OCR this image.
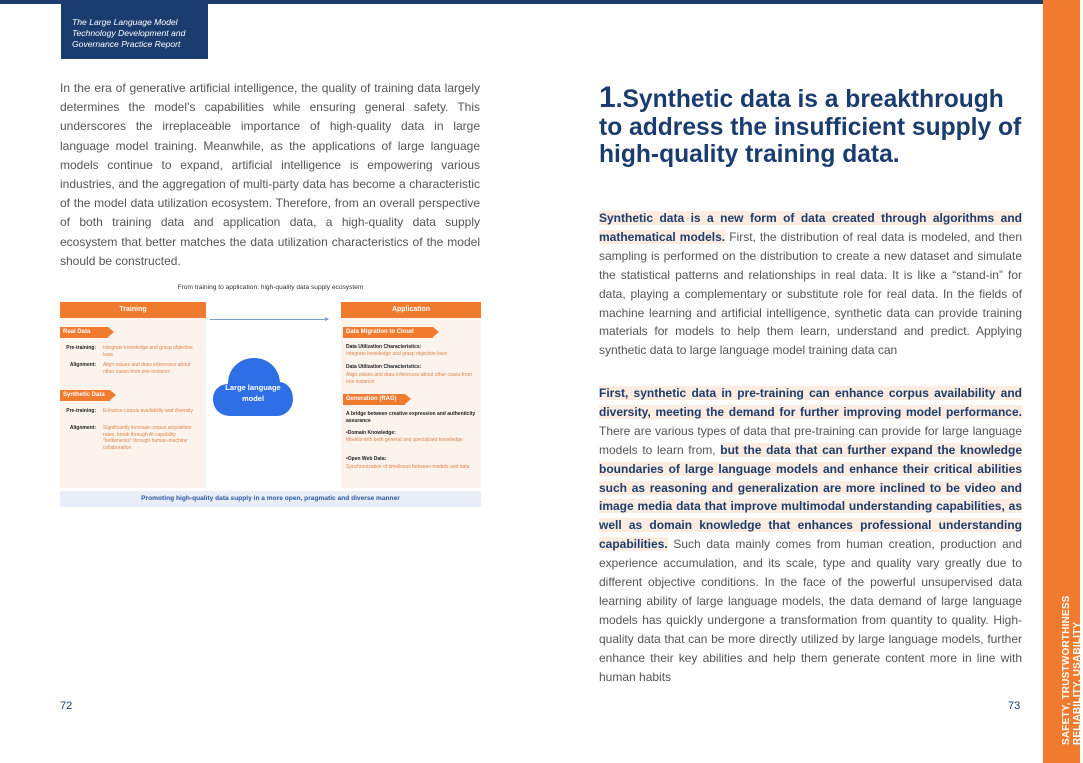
The Large Language Model
Technology Development and
Governance Practice Report
SAFETY, TRUSTWORTHINESS RELIABILITY, USABILITY

In the era of generative artificial intelligence, the quality of training data largely determines the model’s capabilities while ensuring general safety. This underscores the irreplaceable importance of high-quality data in large language model training. Meanwhile, as the applications of large language models continue to expand, artificial intelligence is empowering various industries, and the aggregation of multi-party data has become a characteristic of the model data utilization ecosystem. Therefore, from an overall perspective of both training data and application data, a high-quality data supply ecosystem that better matches the data utilization characteristics of the model should be constructed.

From training to application: high-quality data supply ecosystem
Training
Real Data
Pre-training: Integrate knowledge and grasp objective laws
Alignment: Align values and draw inferences about other cases from one instance
Synthetic Data
Pre-training: Enhance corpus availability and diversity
Alignment: Significantly increase corpus acquisition rates, break through AI capability "bottlenecks" through human-machine collaboration
Large language
model
Application
Data Migration to Cloud
Data Utilization Characteristics:
Integrate knowledge and grasp objective laws
Data Utilization Characteristics:
Align values and draw inferences about other cases from one instance
Generation (RAG)
A bridge between creative expression and authenticity assurance
•Domain Knowledge:
Models with both general and specialized knowledge
•Open Web Data:
Synchronization of timeliness between models and data
Promoting high-quality data supply in a more open, pragmatic and diverse manner
72
1.Synthetic data is a breakthrough to address the insufficient supply of high-quality training data.

Synthetic data is a new form of data created through algorithms and mathematical models. First, the distribution of real data is modeled, and then sampling is performed on the distribution to create a new dataset and simulate the statistical patterns and relationships in real data. It is like a “stand-in” for data, playing a complementary or substitute role for real data. In the fields of machine learning and artificial intelligence, synthetic data can provide training materials for models to help them learn, understand and predict. Applying synthetic data to large language model training data can

First, synthetic data in pre-training can enhance corpus availability and diversity, meeting the demand for further improving model performance. There are various types of data that pre-training can provide for large language models to learn from, but the data that can further expand the knowledge boundaries of large language models and enhance their critical abilities such as reasoning and generalization are more inclined to be video and image media data that improve multimodal understanding capabilities, as well as domain knowledge that enhances professional understanding capabilities. Such data mainly comes from human creation, production and experience accumulation, and its scale, type and quality vary greatly due to different objective conditions. In the face of the powerful unsupervised data learning ability of large language models, the data demand of large language models has quickly undergone a transformation from quantity to quality. High-quality data that can be more directly utilized by large language models, further enhance their key abilities and help them generate content more in line with human habits

73
